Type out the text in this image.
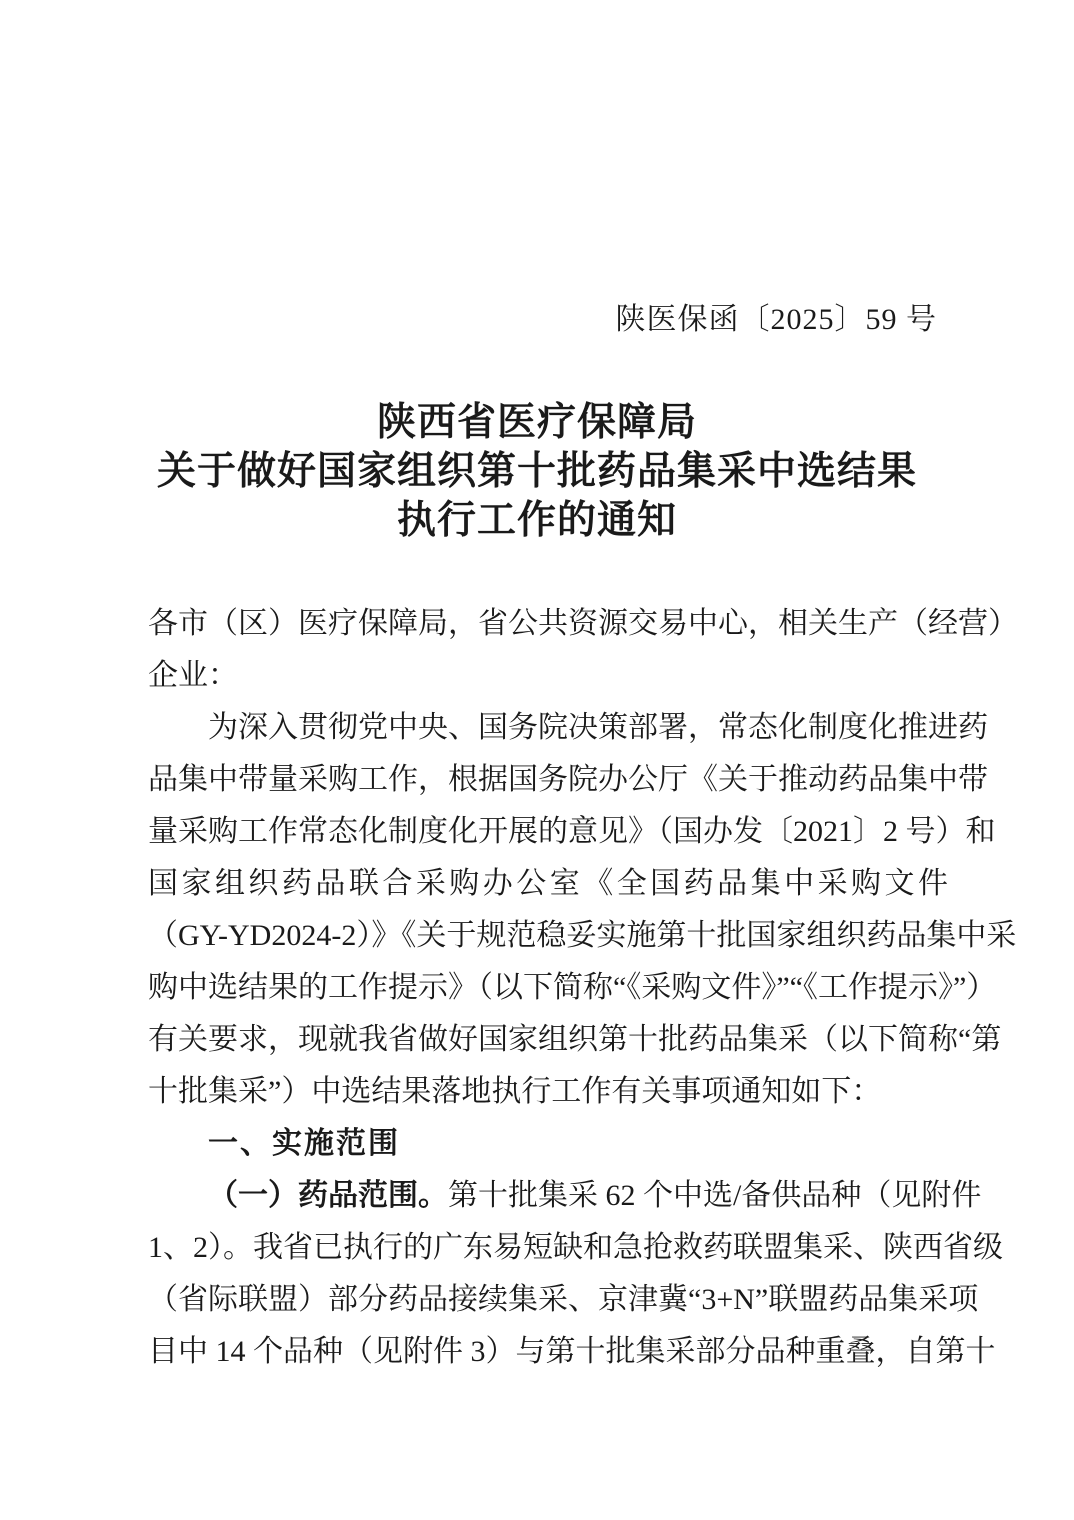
陕医保函〔2025〕59 号
陕西省医疗保障局
关于做好国家组织第十批药品集采中选结果
执行工作的通知
各市（区）医疗保障局，省公共资源交易中心，相关生产（经营）
企业：
为深入贯彻党中央、国务院决策部署，常态化制度化推进药
品集中带量采购工作，根据国务院办公厅《关于推动药品集中带
量采购工作常态化制度化开展的意见》（国办发〔2021〕2 号）和
国家组织药品联合采购办公室《全国药品集中采购文件
（GY-YD2024-2）》《关于规范稳妥实施第十批国家组织药品集中采
购中选结果的工作提示》（以下简称“《采购文件》”“《工作提示》”）
有关要求，现就我省做好国家组织第十批药品集采（以下简称“第
十批集采”）中选结果落地执行工作有关事项通知如下：
一、实施范围
（一）药品范围。第十批集采 62 个中选/备供品种（见附件
1、2）。我省已执行的广东易短缺和急抢救药联盟集采、陕西省级
（省际联盟）部分药品接续集采、京津冀“3+N”联盟药品集采项
目中 14 个品种（见附件 3）与第十批集采部分品种重叠，自第十
